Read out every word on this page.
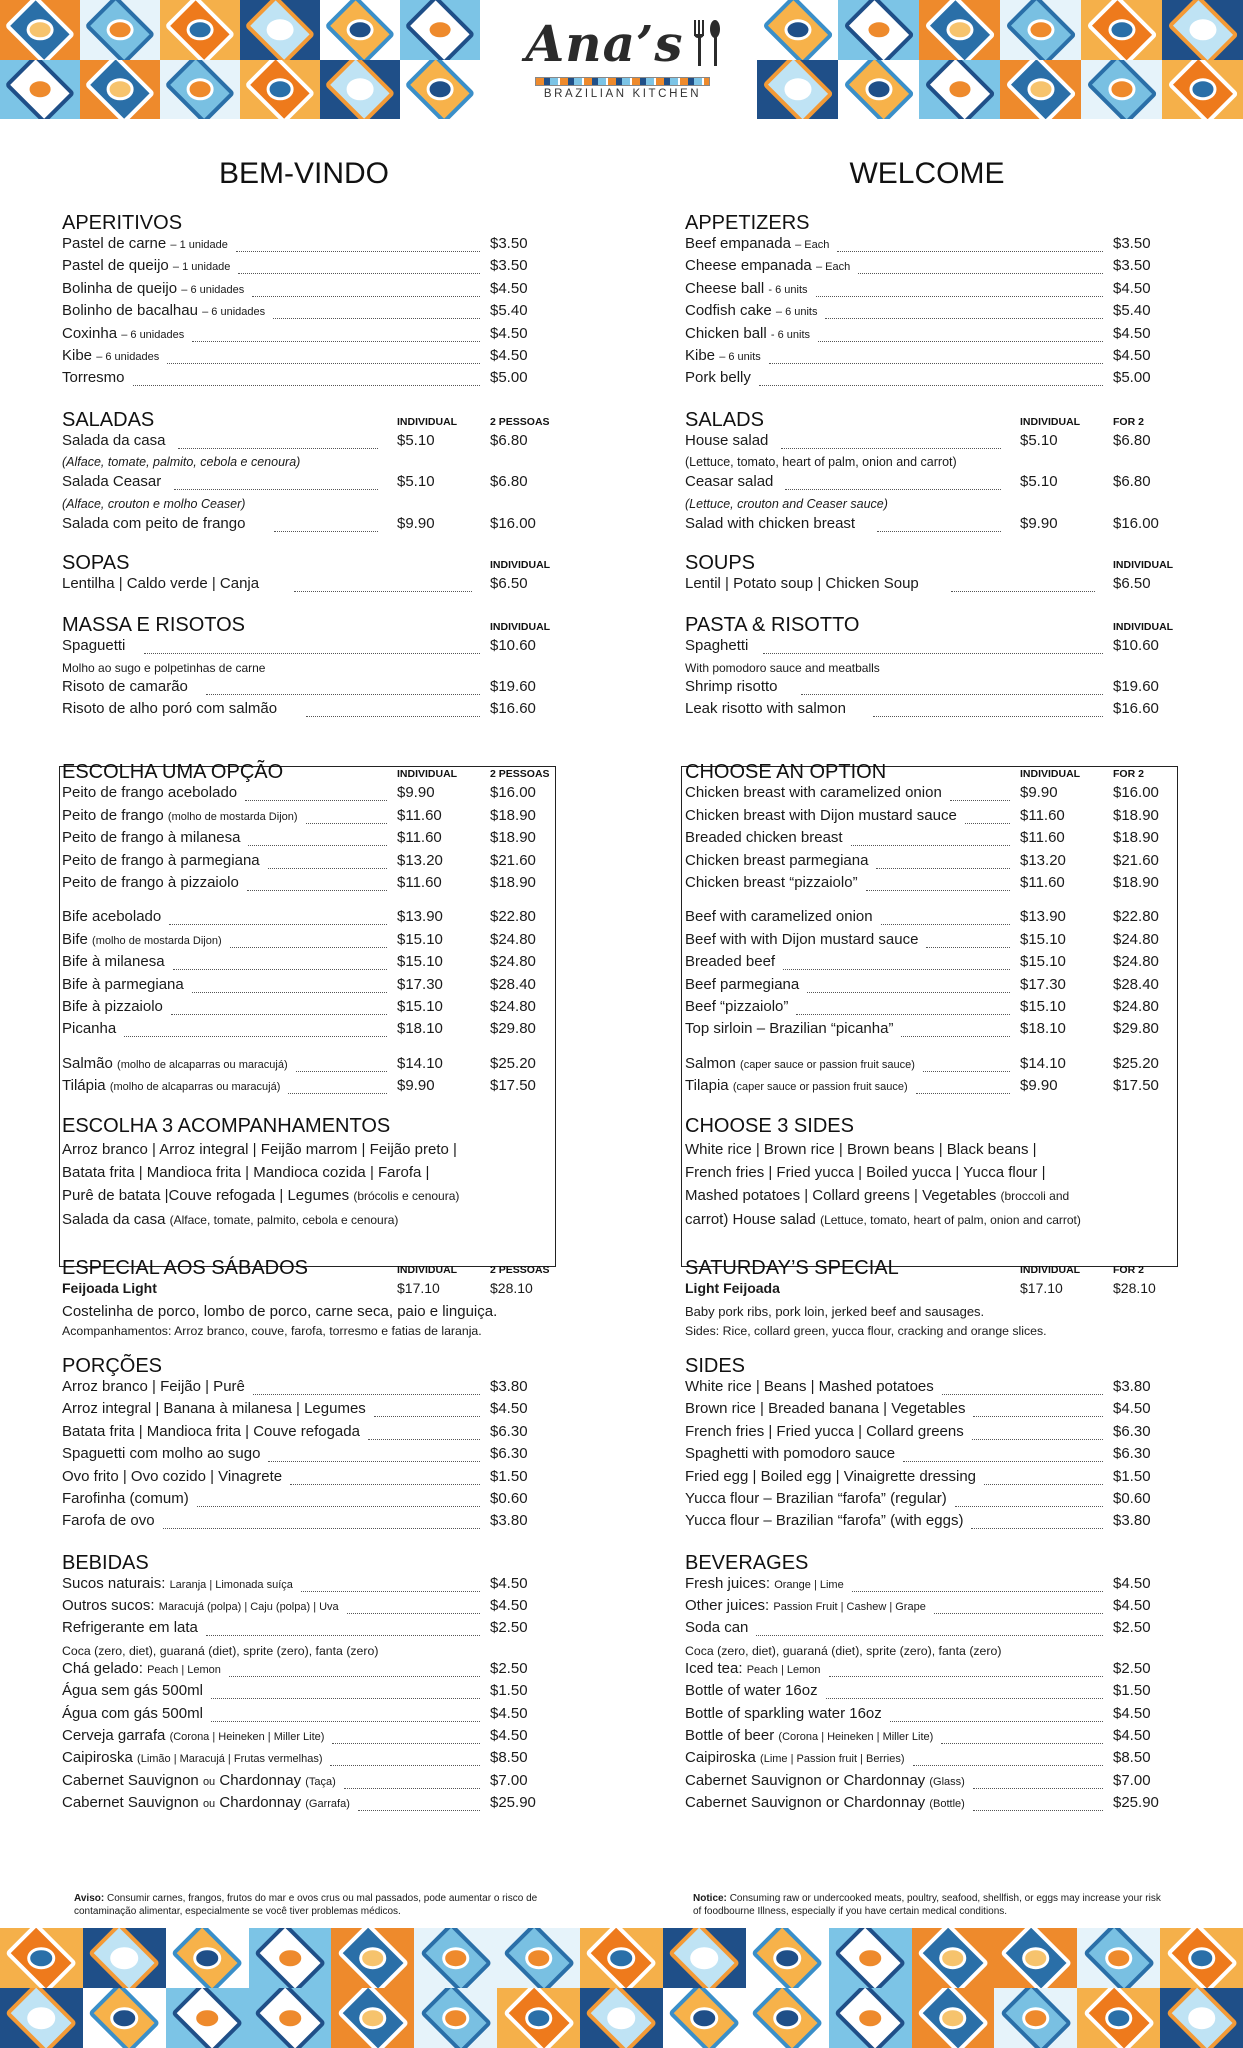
Ana’s
BRAZILIAN KITCHEN
BEM-VINDO
APERITIVOS
Pastel de carne – 1 unidade	$3.50
Pastel de queijo – 1 unidade	$3.50
Bolinha de queijo – 6 unidades	$4.50
Bolinho de bacalhau – 6 unidades	$5.40
Coxinha – 6 unidades	$4.50
Kibe – 6 unidades	$4.50
Torresmo	$5.00
SALADAS	INDIVIDUAL	2 PESSOAS
Salada da casa	$5.10	$6.80
(Alface, tomate, palmito, cebola e cenoura)
Salada Ceasar	$5.10	$6.80
(Alface, crouton e molho Ceaser)
Salada com peito de frango	$9.90	$16.00
SOPAS	INDIVIDUAL
Lentilha | Caldo verde | Canja	$6.50
MASSA E RISOTOS	INDIVIDUAL
Spaguetti	$10.60
Molho ao sugo e polpetinhas de carne
Risoto de camarão	$19.60
Risoto de alho poró com salmão	$16.60
ESCOLHA UMA OPÇÃO	INDIVIDUAL	2 PESSOAS
Peito de frango acebolado	$9.90	$16.00
Peito de frango (molho de mostarda Dijon)	$11.60	$18.90
Peito de frango à milanesa	$11.60	$18.90
Peito de frango à parmegiana	$13.20	$21.60
Peito de frango à pizzaiolo	$11.60	$18.90
Bife acebolado	$13.90	$22.80
Bife (molho de mostarda Dijon)	$15.10	$24.80
Bife à milanesa	$15.10	$24.80
Bife à parmegiana	$17.30	$28.40
Bife à pizzaiolo	$15.10	$24.80
Picanha	$18.10	$29.80
Salmão (molho de alcaparras ou maracujá)	$14.10	$25.20
Tilápia (molho de alcaparras ou maracujá)	$9.90	$17.50
ESCOLHA 3 ACOMPANHAMENTOS
Arroz branco | Arroz integral | Feijão marrom | Feijão preto |
Batata frita | Mandioca frita | Mandioca cozida | Farofa |
Purê de batata |Couve refogada | Legumes (brócolis e cenoura)
Salada da casa (Alface, tomate, palmito, cebola e cenoura)
ESPECIAL AOS SÁBADOS	INDIVIDUAL	2 PESSOAS
Feijoada Light	$17.10	$28.10
Costelinha de porco, lombo de porco, carne seca, paio e linguiça.
Acompanhamentos: Arroz branco, couve, farofa, torresmo e fatias de laranja.
PORÇÕES
Arroz branco | Feijão | Purê	$3.80
Arroz integral | Banana à milanesa | Legumes	$4.50
Batata frita | Mandioca frita | Couve refogada	$6.30
Spaguetti com molho ao sugo	$6.30
Ovo frito | Ovo cozido | Vinagrete	$1.50
Farofinha (comum)	$0.60
Farofa de ovo	$3.80
BEBIDAS
Sucos naturais: Laranja | Limonada suíça	$4.50
Outros sucos: Maracujá (polpa) | Caju (polpa) | Uva	$4.50
Refrigerante em lata	$2.50
Coca (zero, diet), guaraná (diet), sprite (zero), fanta (zero)
Chá gelado: Peach | Lemon	$2.50
Água sem gás 500ml	$1.50
Água com gás 500ml	$4.50
Cerveja garrafa (Corona | Heineken | Miller Lite)	$4.50
Caipiroska (Limão | Maracujá | Frutas vermelhas)	$8.50
Cabernet Sauvignon ou Chardonnay (Taça)	$7.00
Cabernet Sauvignon ou Chardonnay (Garrafa)	$25.90
WELCOME
APPETIZERS
Beef empanada – Each	$3.50
Cheese empanada – Each	$3.50
Cheese ball - 6 units	$4.50
Codfish cake – 6 units	$5.40
Chicken ball - 6 units	$4.50
Kibe – 6 units	$4.50
Pork belly	$5.00
SALADS	INDIVIDUAL	FOR 2
House salad	$5.10	$6.80
(Lettuce, tomato, heart of palm, onion and carrot)
Ceasar salad	$5.10	$6.80
(Lettuce, crouton and Ceaser sauce)
Salad with chicken breast	$9.90	$16.00
SOUPS	INDIVIDUAL
Lentil | Potato soup | Chicken Soup	$6.50
PASTA & RISOTTO	INDIVIDUAL
Spaghetti	$10.60
With pomodoro sauce and meatballs
Shrimp risotto	$19.60
Leak risotto with salmon	$16.60
CHOOSE AN OPTION	INDIVIDUAL	FOR 2
Chicken breast with caramelized onion	$9.90	$16.00
Chicken breast with Dijon mustard sauce	$11.60	$18.90
Breaded chicken breast	$11.60	$18.90
Chicken breast parmegiana	$13.20	$21.60
Chicken breast “pizzaiolo”	$11.60	$18.90
Beef with caramelized onion	$13.90	$22.80
Beef with with Dijon mustard sauce	$15.10	$24.80
Breaded beef	$15.10	$24.80
Beef parmegiana	$17.30	$28.40
Beef “pizzaiolo”	$15.10	$24.80
Top sirloin – Brazilian “picanha”	$18.10	$29.80
Salmon (caper sauce or passion fruit sauce)	$14.10	$25.20
Tilapia (caper sauce or passion fruit sauce)	$9.90	$17.50
CHOOSE 3 SIDES
White rice | Brown rice | Brown beans | Black beans |
French fries | Fried yucca | Boiled yucca | Yucca flour |
Mashed potatoes | Collard greens | Vegetables (broccoli and
carrot) House salad (Lettuce, tomato, heart of palm, onion and carrot)
SATURDAY’S SPECIAL	INDIVIDUAL	FOR 2
Light Feijoada	$17.10	$28.10
Baby pork ribs, pork loin, jerked beef and sausages.
Sides: Rice, collard green, yucca flour, cracking and orange slices.
SIDES
White rice | Beans | Mashed potatoes	$3.80
Brown rice | Breaded banana | Vegetables	$4.50
French fries | Fried yucca | Collard greens	$6.30
Spaghetti with pomodoro sauce	$6.30
Fried egg | Boiled egg | Vinaigrette dressing	$1.50
Yucca flour – Brazilian “farofa” (regular)	$0.60
Yucca flour – Brazilian “farofa” (with eggs)	$3.80
BEVERAGES
Fresh juices: Orange | Lime	$4.50
Other juices: Passion Fruit | Cashew | Grape	$4.50
Soda can	$2.50
Coca (zero, diet), guaraná (diet), sprite (zero), fanta (zero)
Iced tea: Peach | Lemon	$2.50
Bottle of water 16oz	$1.50
Bottle of sparkling water 16oz	$4.50
Bottle of beer (Corona | Heineken | Miller Lite)	$4.50
Caipiroska (Lime | Passion fruit | Berries)	$8.50
Cabernet Sauvignon or Chardonnay (Glass)	$7.00
Cabernet Sauvignon or Chardonnay (Bottle)	$25.90
Aviso: Consumir carnes, frangos, frutos do mar e ovos crus ou mal passados, pode aumentar o risco de contaminação alimentar, especialmente se você tiver problemas médicos.
Notice: Consuming raw or undercooked meats, poultry, seafood, shellfish, or eggs may increase your risk of foodbourne Illness, especially if you have certain medical conditions.
